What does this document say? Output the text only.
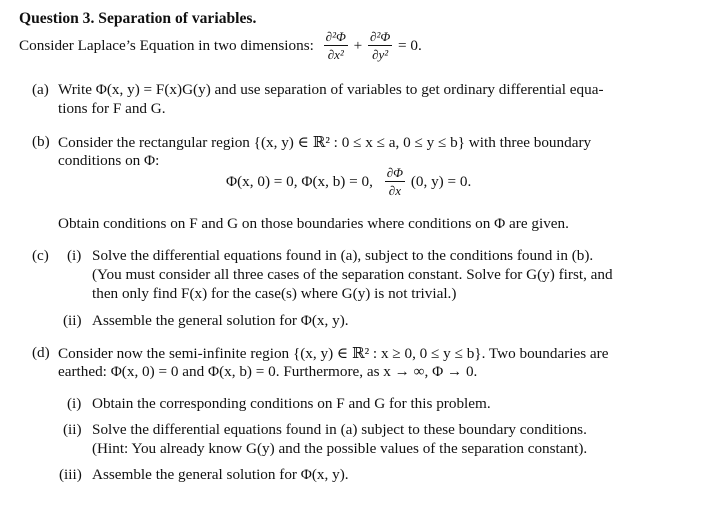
Question 3. Separation of variables.
Consider Laplace’s Equation in two dimensions: $\frac{\text{∂²Φ}}{\text{∂x²}} + \frac{\text{∂²Φ}}{\text{∂y²}} = 0$.
(a) Write Φ(x, y) = F(x)G(y) and use separation of variables to get ordinary differential equa-
tions for F and G.
(b) Consider the rectangular region {(x, y) ∈ ℝ² : 0 ≤ x ≤ a, 0 ≤ y ≤ b} with three boundary
conditions on Φ:
Φ(x, 0) = 0, Φ(x, b) = 0, $\frac{\partial\Phi}{\partial x} (0$, y) = 0.
Obtain conditions on F and G on those boundaries where conditions on Φ are given.
(c) (i) Solve the differential equations found in (a), subject to the conditions found in (b).
(You must consider all three cases of the separation constant. Solve for G(y) first, and
then only find F(x) for the case(s) where G(y) is not trivial.)
(ii) Assemble the general solution for Φ(x, y).
(d) Consider now the semi-infinite region {(x, y) ∈ ℝ² : x ≥ 0, 0 ≤ y ≤ b}. Two boundaries are
earthed: Φ(x, 0) = 0 and Φ(x, b) = 0. Furthermore, as x → ∞, Φ → 0.
(i) Obtain the corresponding conditions on F and G for this problem.
(ii) Solve the differential equations found in (a) subject to these boundary conditions.
(Hint: You already know G(y) and the possible values of the separation constant).
(iii) Assemble the general solution for Φ(x, y).
